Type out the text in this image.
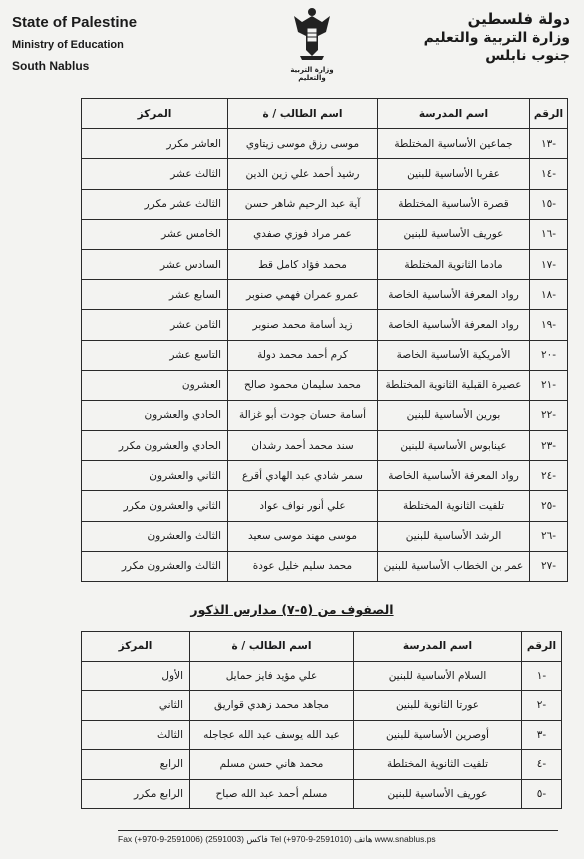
State of Palestine
Ministry of Education
South Nablus	وزارة التربية والتعليم
دولة فلسطين
وزارة التربية والتعليم
جنوب نابلس
الرقم	اسم المدرسة	اسم الطالب / ة	المركز
-١٣	جماعين الأساسية المختلطة	موسى رزق موسى زيتاوي	العاشر مكرر
-١٤	عقربا الأساسية للبنين	رشيد أحمد علي زين الدين	الثالث عشر
-١٥	قصرة الأساسية المختلطة	آية عبد الرحيم شاهر حسن	الثالث عشر مكرر
-١٦	عوريف الأساسية للبنين	عمر مراد فوزي صفدي	الخامس عشر
-١٧	مادما الثانوية المختلطة	محمد فؤاد كامل قط	السادس عشر
-١٨	رواد المعرفة الأساسية الخاصة	عمرو عمران فهمي صنوبر	السابع عشر
-١٩	رواد المعرفة الأساسية الخاصة	زيد أسامة محمد صنوبر	الثامن عشر
-٢٠	الأمريكية الأساسية الخاصة	كرم أحمد محمد دولة	التاسع عشر
-٢١	عصيرة القبلية الثانوية المختلطة	محمد سليمان محمود صالح	العشرون
-٢٢	بورين الأساسية للبنين	أسامة حسان جودت أبو غزالة	الحادي والعشرون
-٢٣	عينابوس الأساسية للبنين	سند محمد أحمد رشدان	الحادي والعشرون مكرر
-٢٤	رواد المعرفة الأساسية الخاصة	سمر شادي عبد الهادي أقرع	الثاني والعشرون
-٢٥	تلفيت الثانوية المختلطة	علي أنور نواف عواد	الثاني والعشرون مكرر
-٢٦	الرشد الأساسية للبنين	موسى مهند موسى سعيد	الثالث والعشرون
-٢٧	عمر بن الخطاب الأساسية للبنين	محمد سليم خليل عودة	الثالث والعشرون مكرر
الصفوف من (٥-٧) مدارس الذكور
الرقم	اسم المدرسة	اسم الطالب / ة	المركز
-١	السلام الأساسية للبنين	علي مؤيد فايز حمايل	الأول
-٢	عورتا الثانوية للبنين	مجاهد محمد زهدي قواريق	الثاني
-٣	أوصرين الأساسية للبنين	عبد الله يوسف عبد الله عجاجله	الثالث
-٤	تلفيت الثانوية المختلطة	محمد هاني حسن مسلم	الرابع
-٥	عوريف الأساسية للبنين	مسلم أحمد عبد الله صباح	الرابع مكرر
Fax (+970-9-2591006) فاكس (2591003) Tel (+970-9-2591010) هاتف www.snablus.ps
